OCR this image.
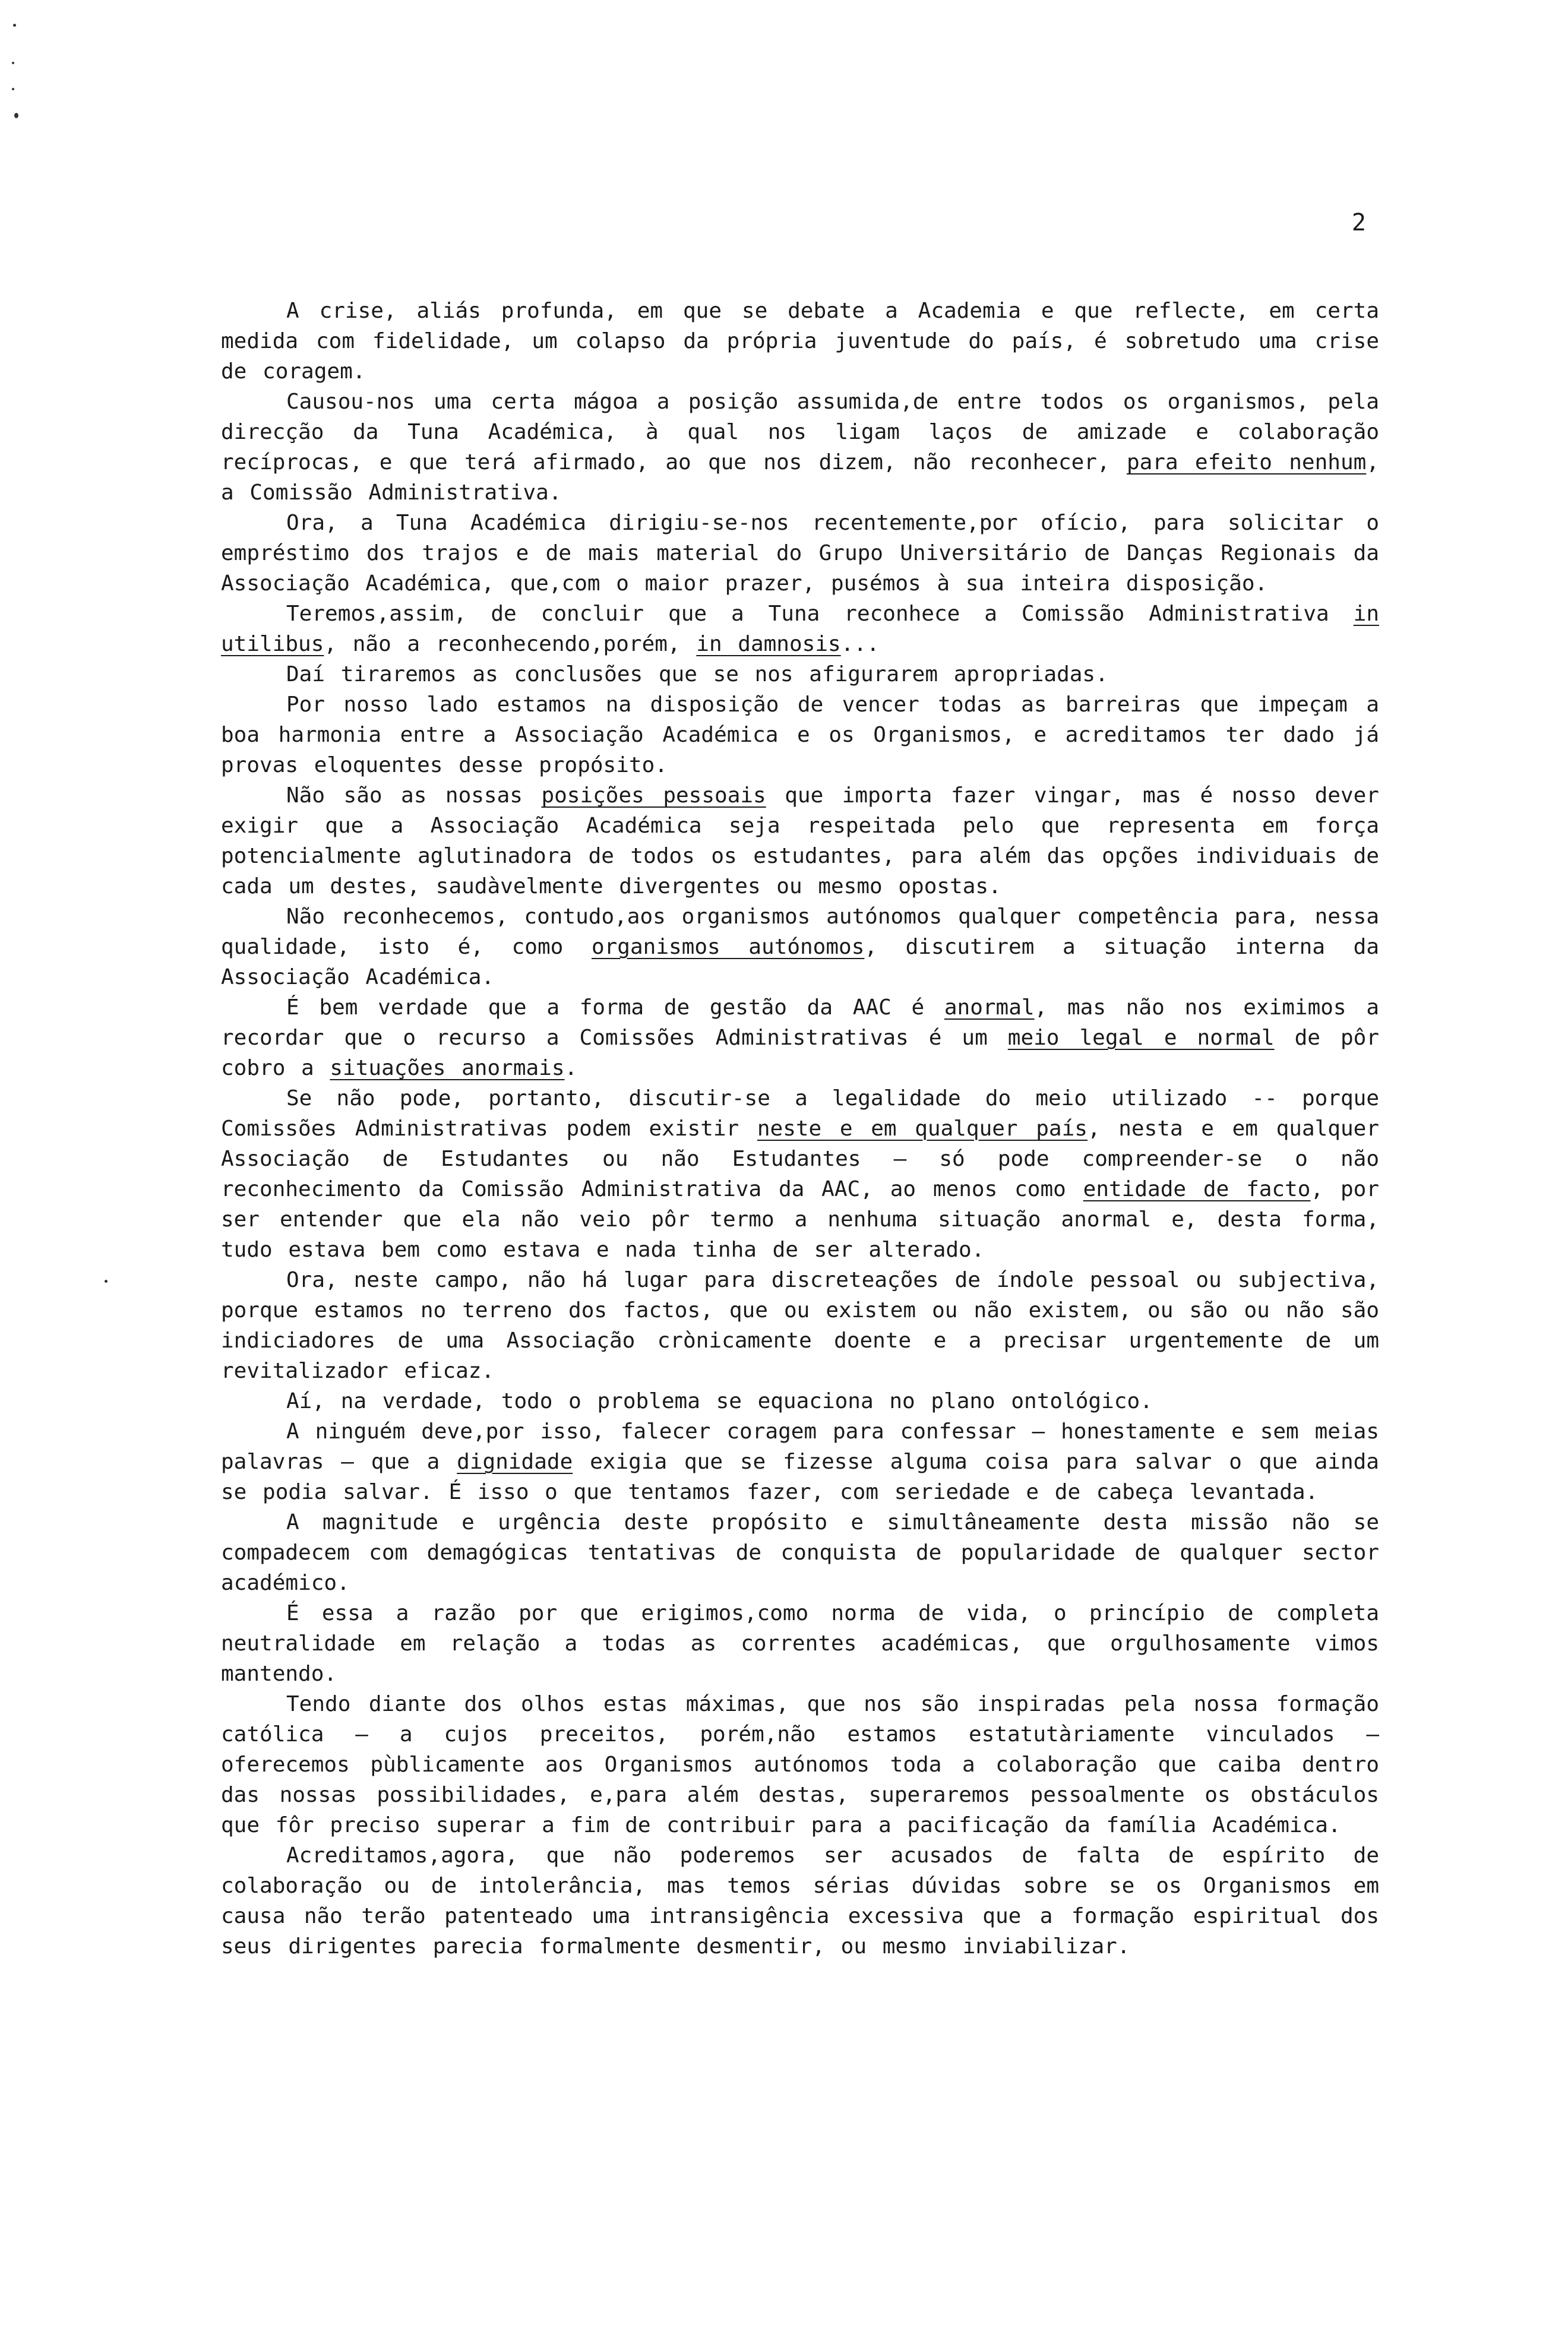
2

A crise, aliás profunda, em que se debate a Academia e que reflecte, em certa medida com fidelidade, um colapso da própria juventude do país, é sobretudo uma crise de coragem.

Causou-nos uma certa mágoa a posição assumida,de entre todos os organismos, pela direcção da Tuna Académica, à qual nos ligam laços de amizade e colaboração recíprocas, e que terá afirmado, ao que nos dizem, não reconhecer, para efeito nenhum, a Comissão Administrativa.

Ora, a Tuna Académica dirigiu-se-nos recentemente,por ofício, para solicitar o empréstimo dos trajos e de mais material do Grupo Universitário de Danças Regionais da Associação Académica, que,com o maior prazer, pusémos à sua inteira disposição.

Teremos,assim, de concluir que a Tuna reconhece a Comissão Administrativa in utilibus, não a reconhecendo,porém, in damnosis...

Daí tiraremos as conclusões que se nos afigurarem apropriadas.

Por nosso lado estamos na disposição de vencer todas as barreiras que impeçam a boa harmonia entre a Associação Académica e os Organismos, e acreditamos ter dado já provas eloquentes desse propósito.

Não são as nossas posições pessoais que importa fazer vingar, mas é nosso dever exigir que a Associação Académica seja respeitada pelo que representa em força potencialmente aglutinadora de todos os estudantes, para além das opções individuais de cada um destes, saudàvelmente divergentes ou mesmo opostas.

Não reconhecemos, contudo,aos organismos autónomos qualquer competência para, nessa qualidade, isto é, como organismos autónomos, discutirem a situação interna da Associação Académica.

É bem verdade que a forma de gestão da AAC é anormal, mas não nos eximimos a recordar que o recurso a Comissões Administrativas é um meio legal e normal de pôr cobro a situações anormais.

Se não pode, portanto, discutir-se a legalidade do meio utilizado -- porque Comissões Administrativas podem existir neste e em qualquer país, nesta e em qualquer Associação de Estudantes ou não Estudantes — só pode compreender-se o não reconhecimento da Comissão Administrativa da AAC, ao menos como entidade de facto, por ser entender que ela não veio pôr termo a nenhuma situação anormal e, desta forma, tudo estava bem como estava e nada tinha de ser alterado.

Ora, neste campo, não há lugar para discreteações de índole pessoal ou subjectiva, porque estamos no terreno dos factos, que ou existem ou não existem, ou são ou não são indiciadores de uma Associação crònicamente doente e a precisar urgentemente de um revitalizador eficaz.

Aí, na verdade, todo o problema se equaciona no plano ontológico.

A ninguém deve,por isso, falecer coragem para confessar — honestamente e sem meias palavras — que a dignidade exigia que se fizesse alguma coisa para salvar o que ainda se podia salvar. É isso o que tentamos fazer, com seriedade e de cabeça levantada.

A magnitude e urgência deste propósito e simultâneamente desta missão não se compadecem com demagógicas tentativas de conquista de popularidade de qualquer sector académico.

É essa a razão por que erigimos,como norma de vida, o princípio de completa neutralidade em relação a todas as correntes académicas, que orgulhosamente vimos mantendo.

Tendo diante dos olhos estas máximas, que nos são inspiradas pela nossa formação católica — a cujos preceitos, porém,não estamos estatutàriamente vinculados — oferecemos pùblicamente aos Organismos autónomos toda a colaboração que caiba dentro das nossas possibilidades, e,para além destas, superaremos pessoalmente os obstáculos que fôr preciso superar a fim de contribuir para a pacificação da família Académica.

Acreditamos,agora, que não poderemos ser acusados de falta de espírito de colaboração ou de intolerância, mas temos sérias dúvidas sobre se os Organismos em causa não terão patenteado uma intransigência excessiva que a formação espiritual dos seus dirigentes parecia formalmente desmentir, ou mesmo inviabilizar.
